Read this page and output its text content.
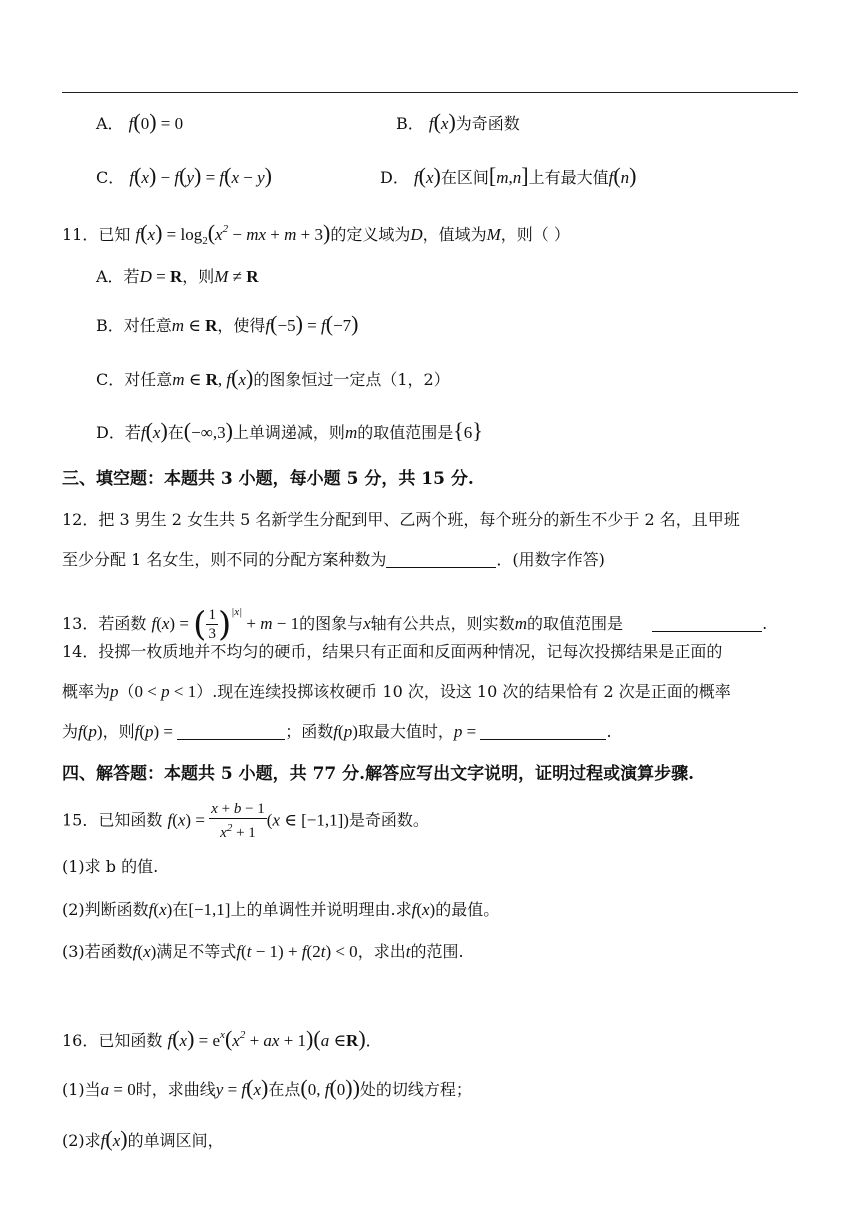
A． f(0) = 0	B． f(x)为奇函数
C． f(x) − f(y) = f(x − y)	D． f(x)在区间[m,n]上有最大值f(n)
11．已知 $f(x) = \log_2(x^2$ − mx + m + 3)的定义域为D，值域为M，则（ ）
A．若D = R，则M ≠ R
B．对任意m ∈ R，使得f(−5) = f(−7)
C．对任意m ∈ R, f(x)的图象恒过一定点（1，2）
D．若f(x)在(−∞,3)上单调递减，则m的取值范围是{6}
三、填空题：本题共 3 小题，每小题 5 分，共 15 分.
12．把 3 男生 2 女生共 5 名新学生分配到甲、乙两个班，每个班分的新生不少于 2 名，且甲班
至少分配 1 名女生，则不同的分配方案种数为	．(用数字作答)
13．若函数 f(x) = ( $\frac{1}{3} )^{|x|} + m - 1$的图象与x轴有公共点，则实数m的取值范围是	.
14．投掷一枚质地并不均匀的硬币，结果只有正面和反面两种情况，记每次投掷结果是正面的
概率为p（0 < p < 1）.现在连续投掷该枚硬币 10 次，设这 10 次的结果恰有 2 次是正面的概率
为f(p)，则f(p) =	；函数f(p)取最大值时，p =	.
四、解答题：本题共 5 小题，共 77 分.解答应写出文字说明，证明过程或演算步骤.
15．已知函数 $f(x) = \frac{x + b - 1}{x^2 + 1} (x$ ∈ [−1,1])是奇函数。
(1)求 b 的值.
(2)判断函数f(x)在[−1,1]上的单调性并说明理由.求f(x)的最值。
(3)若函数f(x)满足不等式f(t − 1) + f(2t) < 0，求出t的范围.
16．已知函数 $f(x) = e^x(x^2$ + ax + 1)(a ∈R)．
(1)当a = 0时，求曲线y = f(x)在点(0, f(0))处的切线方程；
(2)求f(x)的单调区间，
